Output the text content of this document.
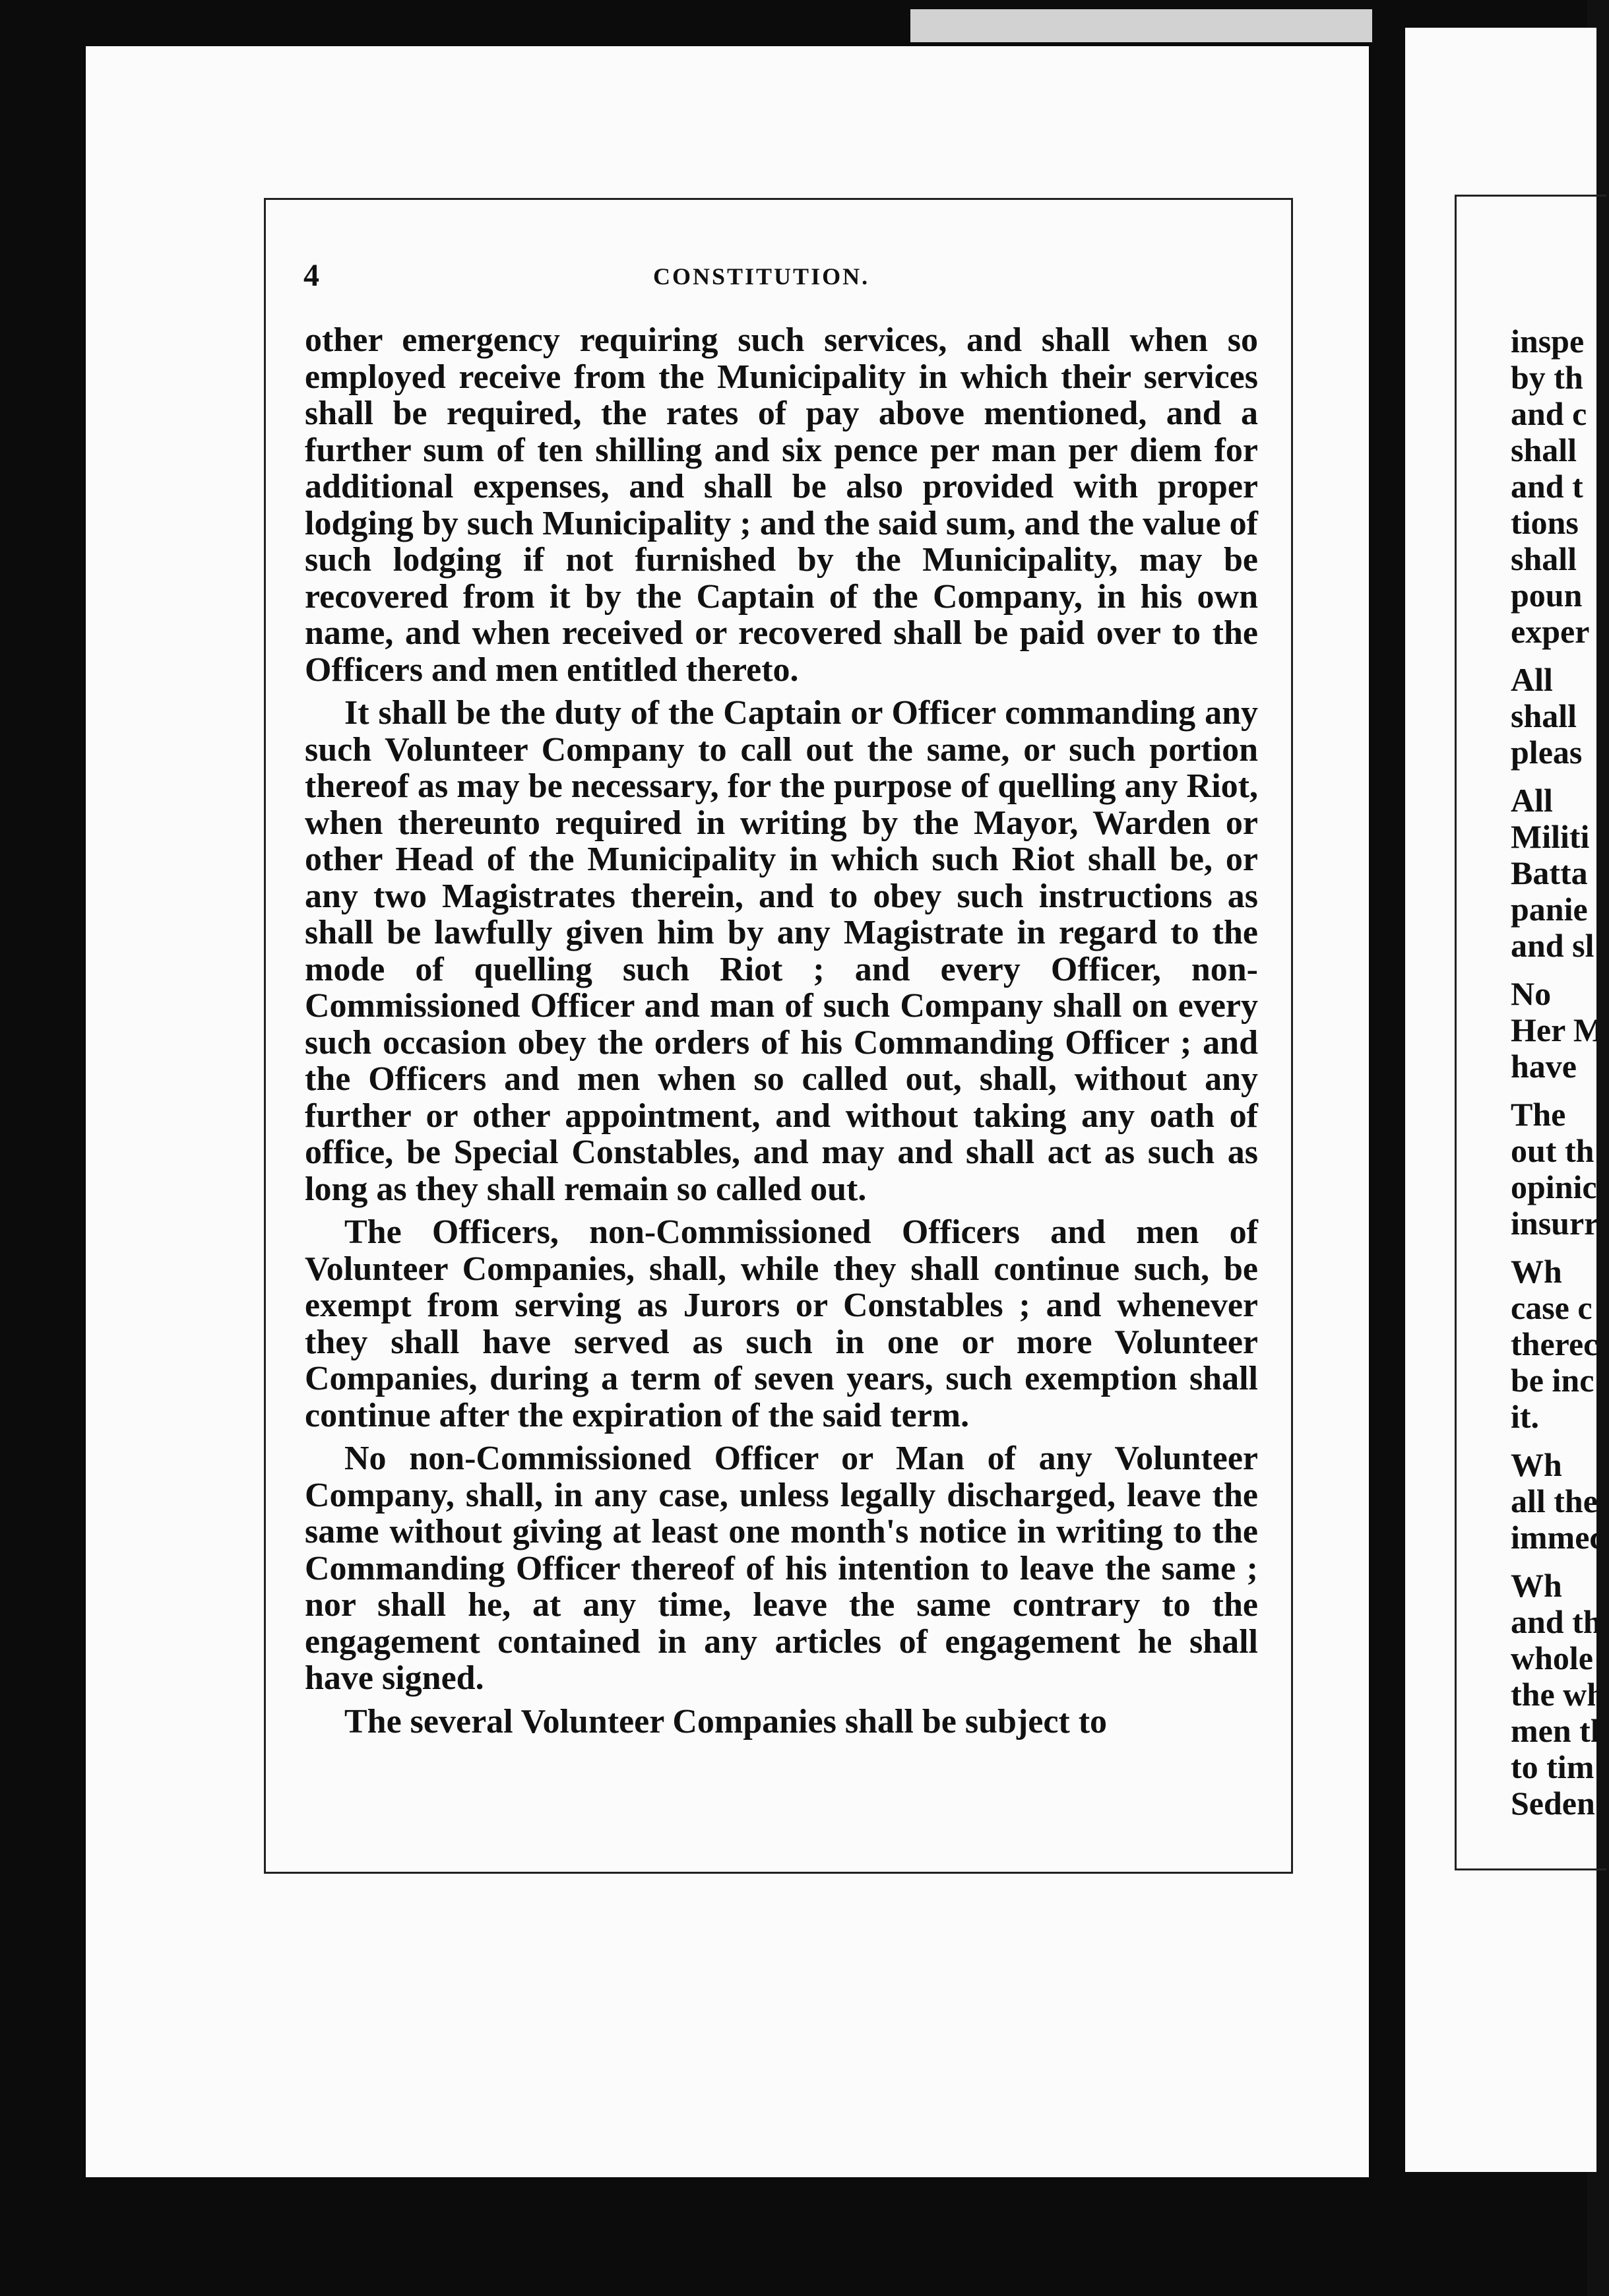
4	CONSTITUTION.

other emergency requiring such services, and shall when so employed receive from the Municipality in which their services shall be required, the rates of pay above mentioned, and a further sum of ten shilling and six pence per man per diem for additional expenses, and shall be also provided with proper lodging by such Municipality ; and the said sum, and the value of such lodging if not furnished by the Municipality, may be recovered from it by the Captain of the Company, in his own name, and when received or recovered shall be paid over to the Officers and men entitled thereto.

It shall be the duty of the Captain or Officer commanding any such Volunteer Company to call out the same, or such portion thereof as may be necessary, for the purpose of quelling any Riot, when thereunto required in writing by the Mayor, Warden or other Head of the Municipality in which such Riot shall be, or any two Magistrates therein, and to obey such instructions as shall be lawfully given him by any Magistrate in regard to the mode of quelling such Riot ; and every Officer, non-Commissioned Officer and man of such Company shall on every such occasion obey the orders of his Commanding Officer ; and the Officers and men when so called out, shall, without any further or other appointment, and without taking any oath of office, be Special Constables, and may and shall act as such as long as they shall remain so called out.

The Officers, non-Commissioned Officers and men of Volunteer Companies, shall, while they shall continue such, be exempt from serving as Jurors or Constables ; and whenever they shall have served as such in one or more Volunteer Companies, during a term of seven years, such exemption shall continue after the expiration of the said term.

No non-Commissioned Officer or Man of any Volunteer Company, shall, in any case, unless legally discharged, leave the same without giving at least one month's notice in writing to the Commanding Officer thereof of his intention to leave the same ; nor shall he, at any time, leave the same contrary to the engagement contained in any articles of engagement he shall have signed.

The several Volunteer Companies shall be subject to

inspe
by th
and c
shall
and t
tions
shall
poun
exper
All
shall
pleas
All
Militi
Batta
panie
and sl
No
Her M
have
The
out th
opinic
insurr
Wh
case c
therec
be inc
it.
Wh
all the
immec
Wh
and th
whole
the wh
men th
to tim
Seden
